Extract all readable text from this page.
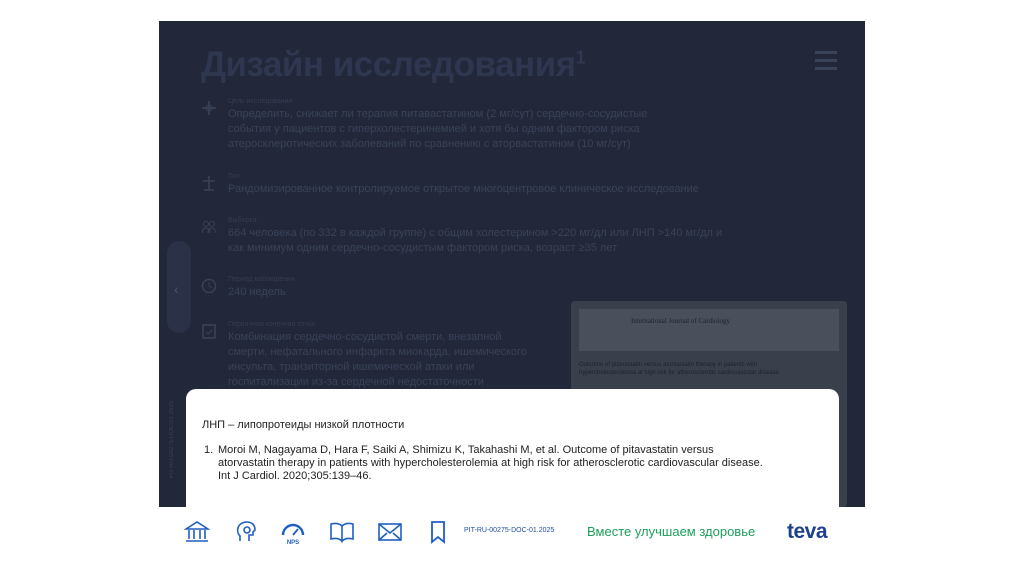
Дизайн исследования$^1$
‹
PIT-RU-00275-DOC-01.2025
Цель исследования
Определить, снижает ли терапия питавастатином (2 мг/сут) сердечно-сосудистые события у пациентов с гиперхолестеринемией и хотя бы одним фактором риска атеросклеротических заболеваний по сравнению с аторвастатином (10 мг/сут)
Тип
Рандомизированное контролируемое открытое многоцентровое клиническое исследование
Выборка
664 человека (по 332 в каждой группе) с общим холестерином >220 мг/дл или ЛНП >140 мг/дл и как минимум одним сердечно-сосудистым фактором риска, возраст ≥35 лет
Период наблюдения
240 недель
Первичная конечная точка
Комбинация сердечно-сосудистой смерти, внезапной смерти, нефатального инфаркта миокарда, ишемического инсульта, транзиторной ишемической атаки или госпитализации из-за сердечной недостаточности
International Journal of Cardiology
Outcome of pitavastatin versus atorvastatin therapy in patients with hypercholesterolemia at high risk for atherosclerotic cardiovascular disease
ЛНП – липопротеиды низкой плотности
1. Moroi M, Nagayama D, Hara F, Saiki A, Shimizu K, Takahashi M, et al. Outcome of pitavastatin versus atorvastatin therapy in patients with hypercholesterolemia at high risk for atherosclerotic cardiovascular disease. Int J Cardiol. 2020;305:139–46.
NPS
PIT-RU-00275-DOC-01.2025	Вместе улучшаем здоровье teva
